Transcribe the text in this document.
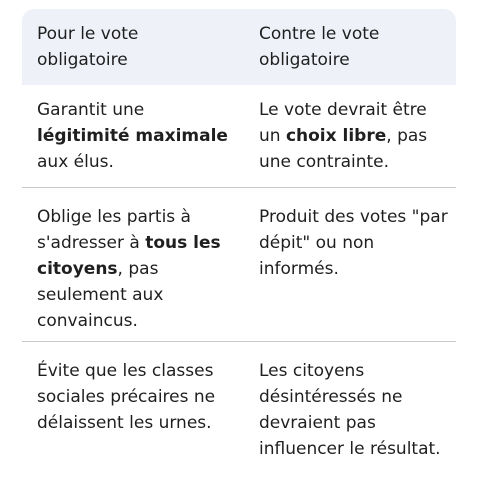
Pour le vote obligatoire	Contre le vote obligatoire
Garantit une légitimité maximale aux élus.	Le vote devrait être un choix libre, pas une contrainte.
Oblige les partis à s'adresser à tous les citoyens, pas seulement aux convaincus.	Produit des votes "par dépit" ou non informés.
Évite que les classes sociales précaires ne délaissent les urnes.	Les citoyens désintéressés ne devraient pas influencer le résultat.
